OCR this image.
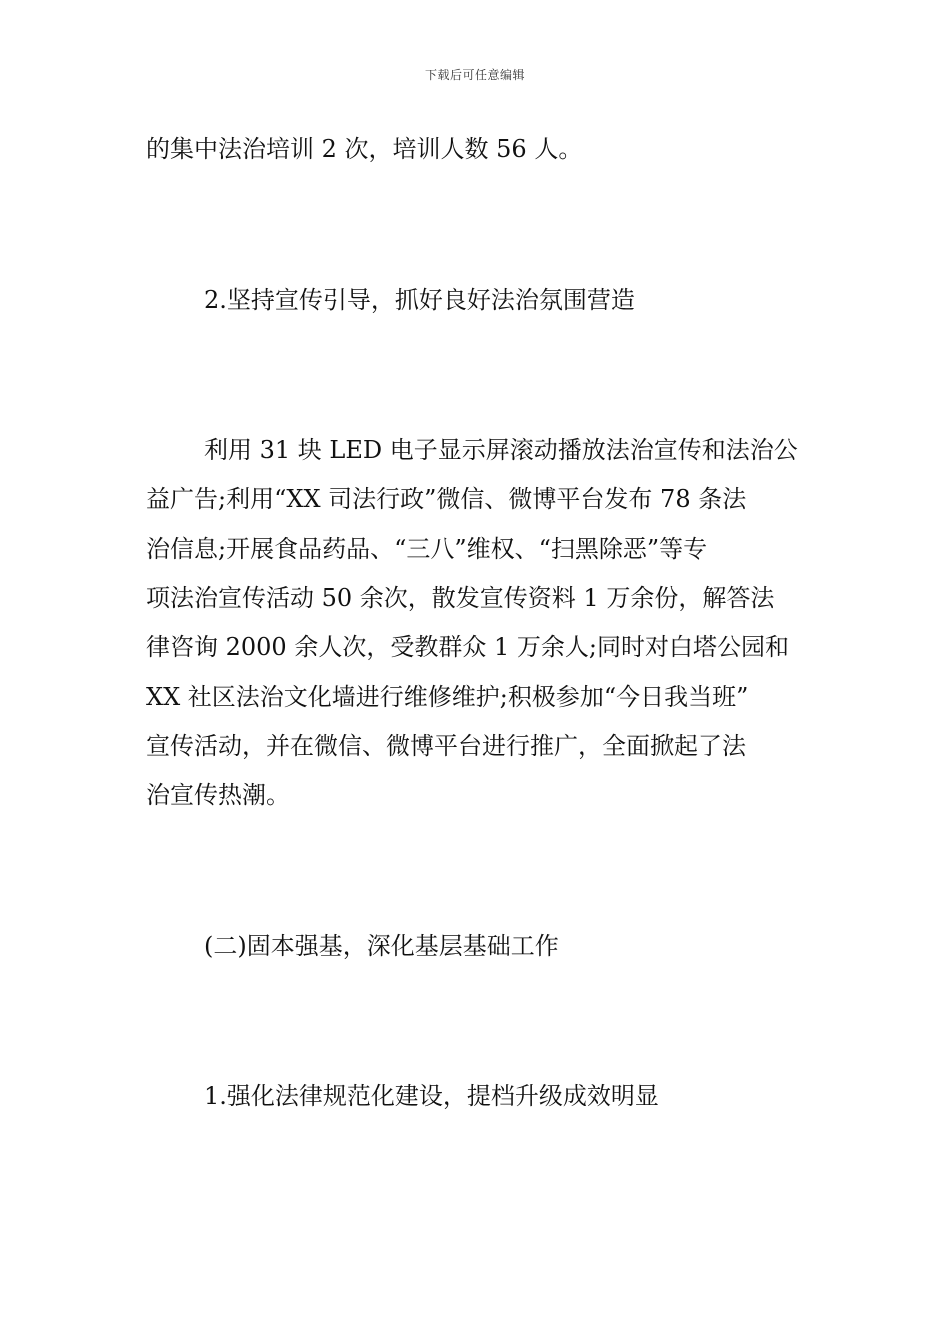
下载后可任意编辑
的集中法治培训 2 次，培训人数 56 人。
2.坚持宣传引导，抓好良好法治氛围营造
利用 31 块 LED 电子显示屏滚动播放法治宣传和法治公
益广告;利用“XX 司法行政”微信、微博平台发布 78 条法
治信息;开展食品药品、“三八”维权、“扫黑除恶”等专
项法治宣传活动 50 余次，散发宣传资料 1 万余份，解答法
律咨询 2000 余人次，受教群众 1 万余人;同时对白塔公园和
XX 社区法治文化墙进行维修维护;积极参加“今日我当班”
宣传活动，并在微信、微博平台进行推广，全面掀起了法
治宣传热潮。
(二)固本强基，深化基层基础工作
1.强化法律规范化建设，提档升级成效明显
